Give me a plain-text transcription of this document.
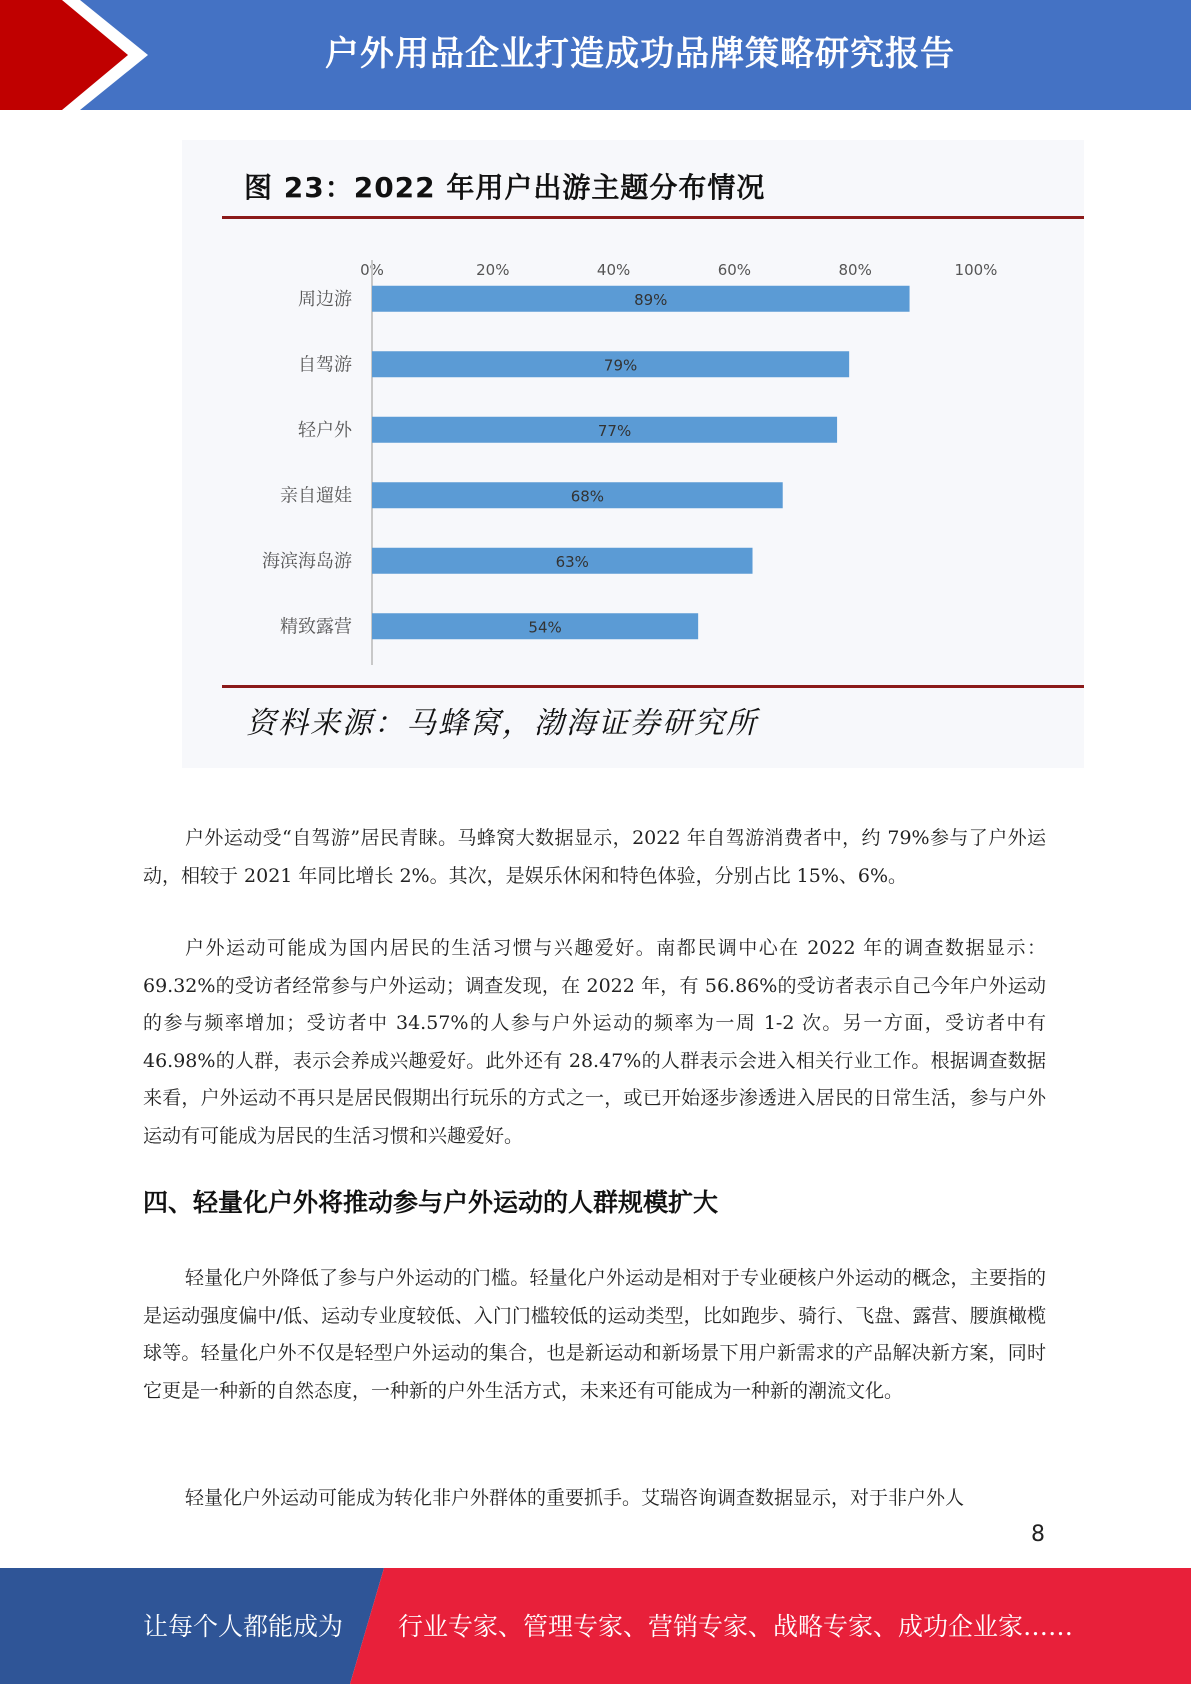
户外用品企业打造成功品牌策略研究报告
图 23：2022 年用户出游主题分布情况
0%	20%	40%	60%	80%	100%
周边游	89%
自驾游	79%
轻户外	77%
亲自遛娃	68%
海滨海岛游	63%
精致露营	54%
资料来源：马蜂窝，渤海证券研究所

户外运动受“自驾游”居民青睐。马蜂窝大数据显示，2022 年自驾游消费者中，约 79%参与了户外运动，相较于 2021 年同比增长 2%。其次，是娱乐休闲和特色体验，分别占比 15%、6%。

户外运动可能成为国内居民的生活习惯与兴趣爱好。南都民调中心在 2022 年的调查数据显示：69.32%的受访者经常参与户外运动；调查发现，在 2022 年，有 56.86%的受访者表示自己今年户外运动的参与频率增加；受访者中 34.57%的人参与户外运动的频率为一周 1-2 次。另一方面，受访者中有 46.98%的人群，表示会养成兴趣爱好。此外还有 28.47%的人群表示会进入相关行业工作。根据调查数据来看，户外运动不再只是居民假期出行玩乐的方式之一，或已开始逐步渗透进入居民的日常生活，参与户外运动有可能成为居民的生活习惯和兴趣爱好。

四、轻量化户外将推动参与户外运动的人群规模扩大

轻量化户外降低了参与户外运动的门槛。轻量化户外运动是相对于专业硬核户外运动的概念，主要指的是运动强度偏中/低、运动专业度较低、入门门槛较低的运动类型，比如跑步、骑行、飞盘、露营、腰旗橄榄球等。轻量化户外不仅是轻型户外运动的集合，也是新运动和新场景下用户新需求的产品解决新方案，同时它更是一种新的自然态度，一种新的户外生活方式，未来还有可能成为一种新的潮流文化。

轻量化户外运动可能成为转化非户外群体的重要抓手。艾瑞咨询调查数据显示，对于非户外人

8
让每个人都能成为 行业专家、管理专家、营销专家、战略专家、成功企业家……
